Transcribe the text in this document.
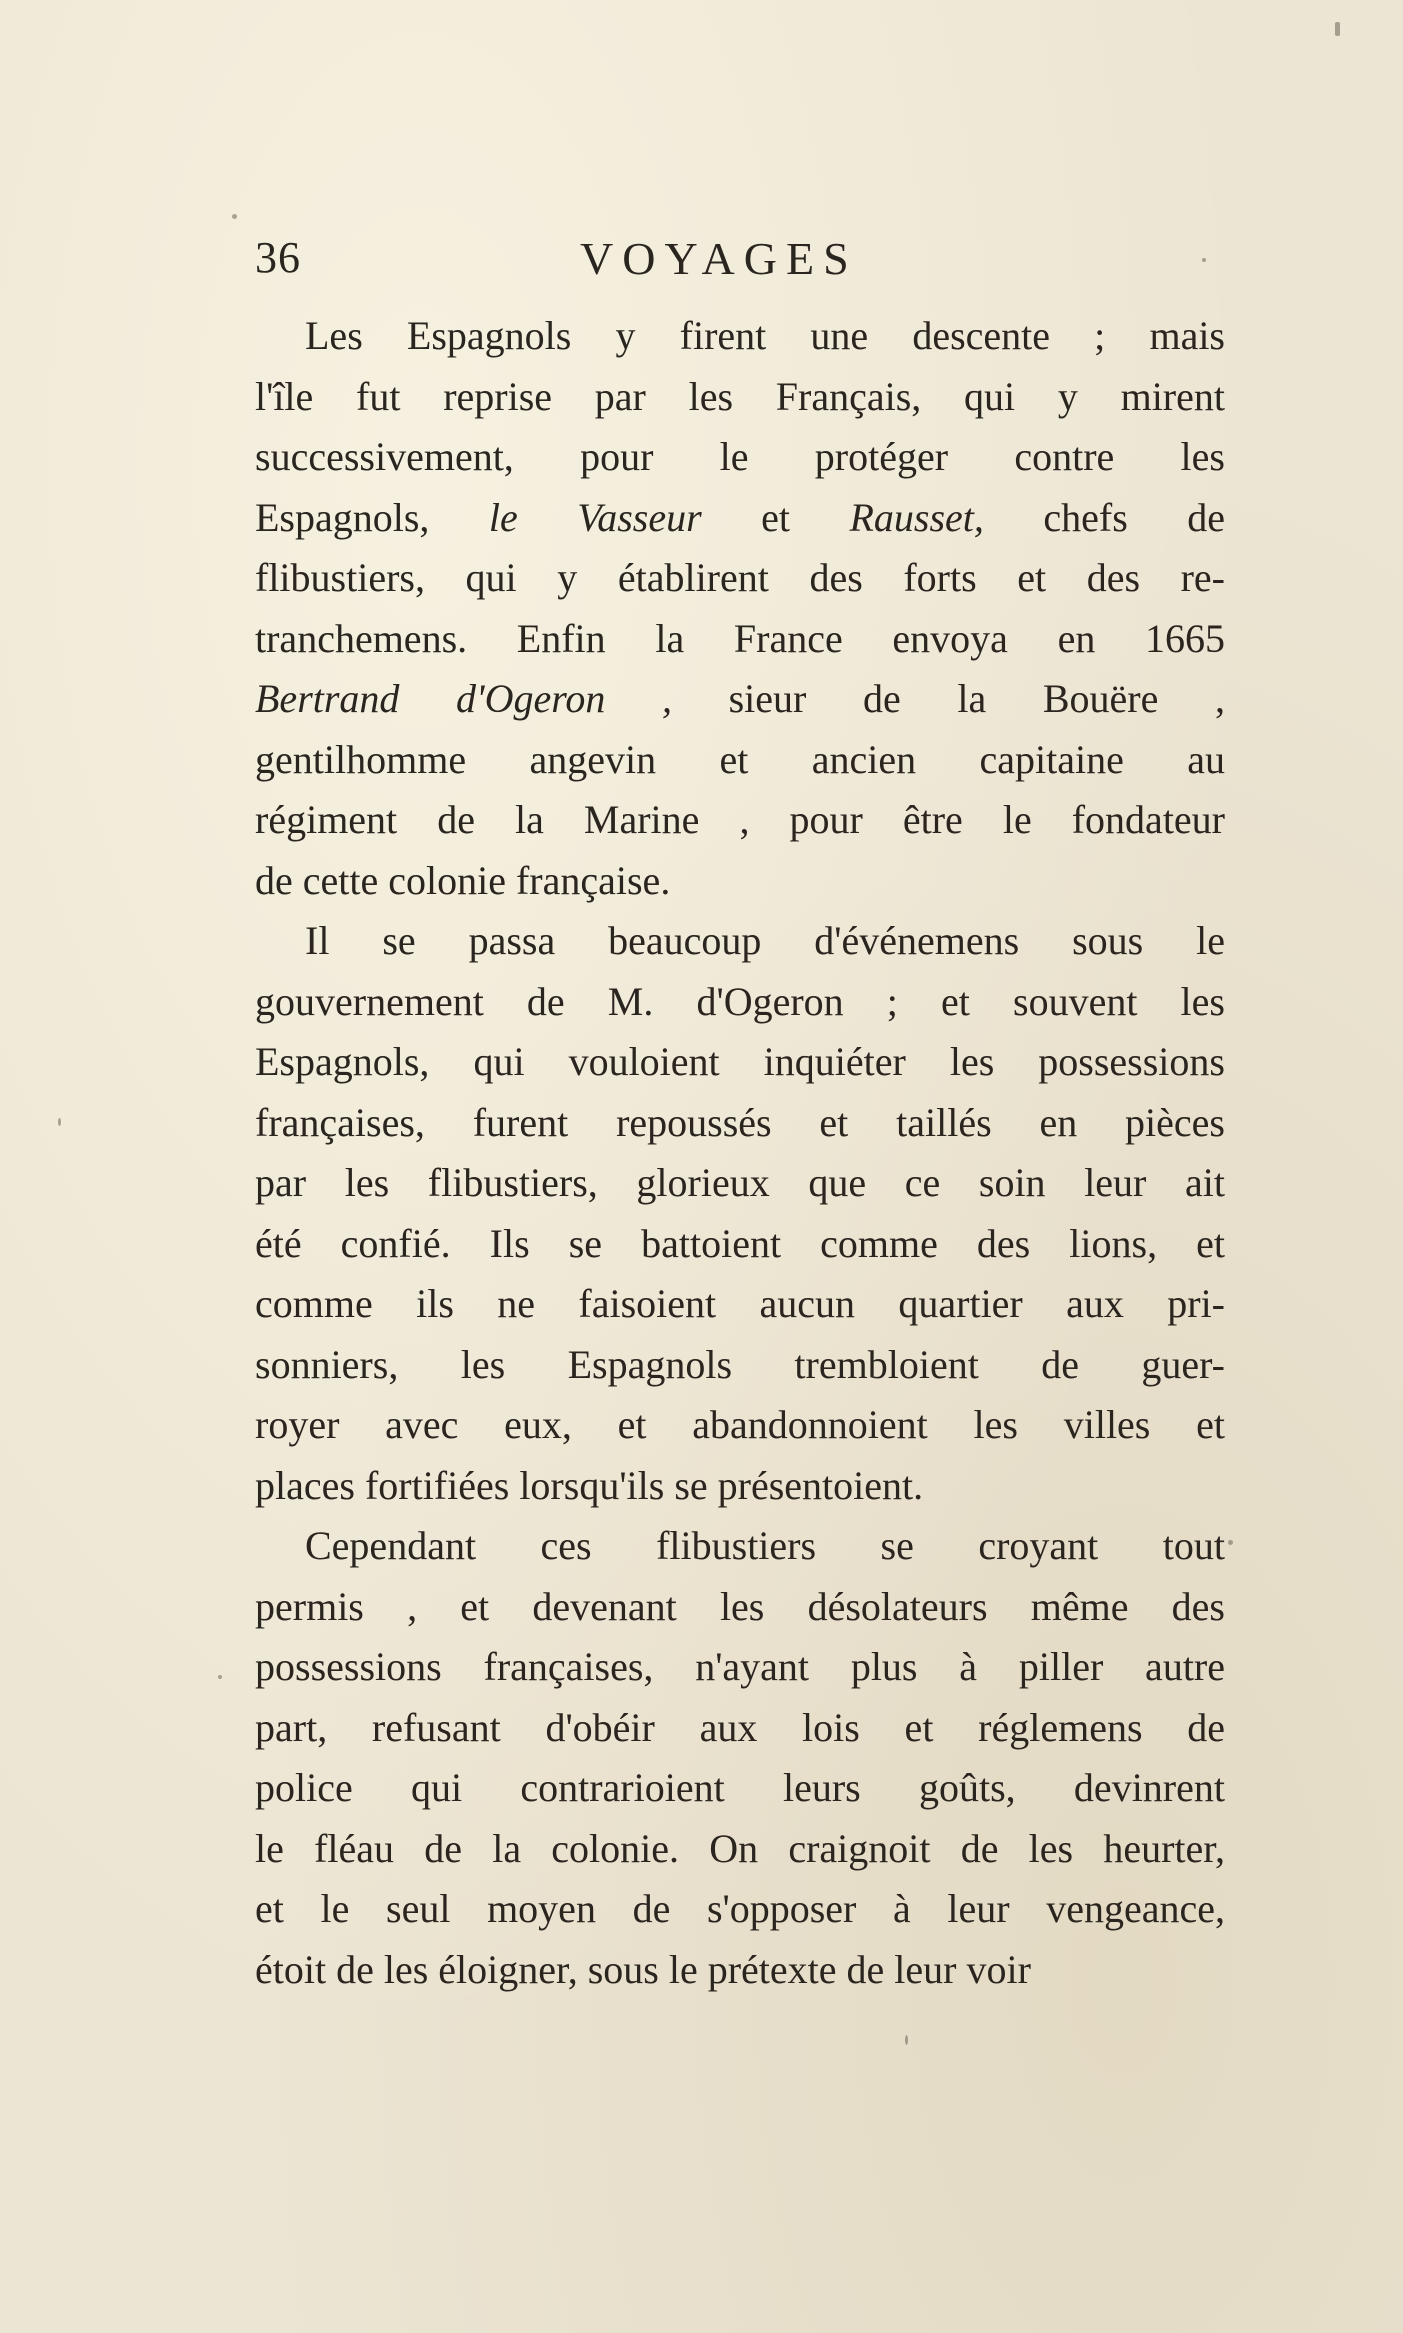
36	VOYAGES
Les Espagnols y firent une descente ; mais
l'île fut reprise par les Français, qui y mirent
successivement, pour le protéger contre les
Espagnols, le Vasseur et Rausset, chefs de
flibustiers, qui y établirent des forts et des re-
tranchemens. Enfin la France envoya en 1665
Bertrand d'Ogeron , sieur de la Bouëre ,
gentilhomme angevin et ancien capitaine au
régiment de la Marine , pour être le fondateur
de cette colonie française.
Il se passa beaucoup d'événemens sous le
gouvernement de M. d'Ogeron ; et souvent les
Espagnols, qui vouloient inquiéter les possessions
françaises, furent repoussés et taillés en pièces
par les flibustiers, glorieux que ce soin leur ait
été confié. Ils se battoient comme des lions, et
comme ils ne faisoient aucun quartier aux pri-
sonniers, les Espagnols trembloient de guer-
royer avec eux, et abandonnoient les villes et
places fortifiées lorsqu'ils se présentoient.
Cependant ces flibustiers se croyant tout
permis , et devenant les désolateurs même des
possessions françaises, n'ayant plus à piller autre
part, refusant d'obéir aux lois et réglemens de
police qui contrarioient leurs goûts, devinrent
le fléau de la colonie. On craignoit de les heurter,
et le seul moyen de s'opposer à leur vengeance,
étoit de les éloigner, sous le prétexte de leur voir
